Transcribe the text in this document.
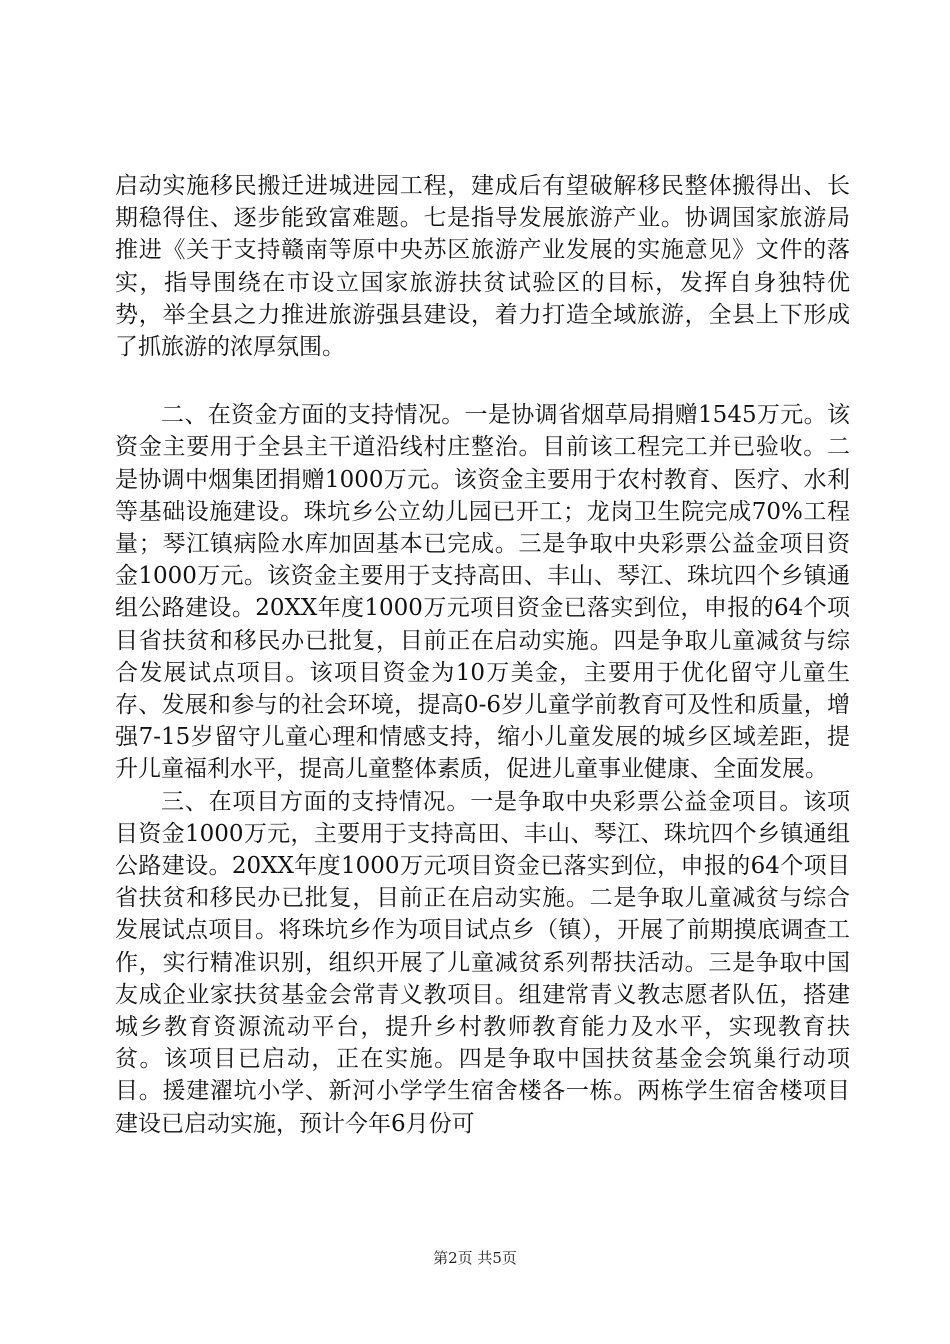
启动实施移民搬迁进城进园工程，建成后有望破解移民整体搬得出、长期稳得住、逐步能致富难题。七是指导发展旅游产业。协调国家旅游局推进《关于支持赣南等原中央苏区旅游产业发展的实施意见》文件的落实，指导围绕在市设立国家旅游扶贫试验区的目标，发挥自身独特优势，举全县之力推进旅游强县建设，着力打造全域旅游，全县上下形成了抓旅游的浓厚氛围。

二、在资金方面的支持情况。一是协调省烟草局捐赠1545万元。该资金主要用于全县主干道沿线村庄整治。目前该工程完工并已验收。二是协调中烟集团捐赠1000万元。该资金主要用于农村教育、医疗、水利等基础设施建设。珠坑乡公立幼儿园已开工；龙岗卫生院完成70%工程量；琴江镇病险水库加固基本已完成。三是争取中央彩票公益金项目资金1000万元。该资金主要用于支持高田、丰山、琴江、珠坑四个乡镇通组公路建设。20XX年度1000万元项目资金已落实到位，申报的64个项目省扶贫和移民办已批复，目前正在启动实施。四是争取儿童减贫与综合发展试点项目。该项目资金为10万美金，主要用于优化留守儿童生存、发展和参与的社会环境，提高0-6岁儿童学前教育可及性和质量，增强7-15岁留守儿童心理和情感支持，缩小儿童发展的城乡区域差距，提升儿童福利水平，提高儿童整体素质，促进儿童事业健康、全面发展。

三、在项目方面的支持情况。一是争取中央彩票公益金项目。该项目资金1000万元，主要用于支持高田、丰山、琴江、珠坑四个乡镇通组公路建设。20XX年度1000万元项目资金已落实到位，申报的64个项目省扶贫和移民办已批复，目前正在启动实施。二是争取儿童减贫与综合发展试点项目。将珠坑乡作为项目试点乡（镇），开展了前期摸底调查工作，实行精准识别，组织开展了儿童减贫系列帮扶活动。三是争取中国友成企业家扶贫基金会常青义教项目。组建常青义教志愿者队伍，搭建城乡教育资源流动平台，提升乡村教师教育能力及水平，实现教育扶贫。该项目已启动，正在实施。四是争取中国扶贫基金会筑巢行动项目。援建濯坑小学、新河小学学生宿舍楼各一栋。两栋学生宿舍楼项目建设已启动实施，预计今年6月份可

第2页 共5页
